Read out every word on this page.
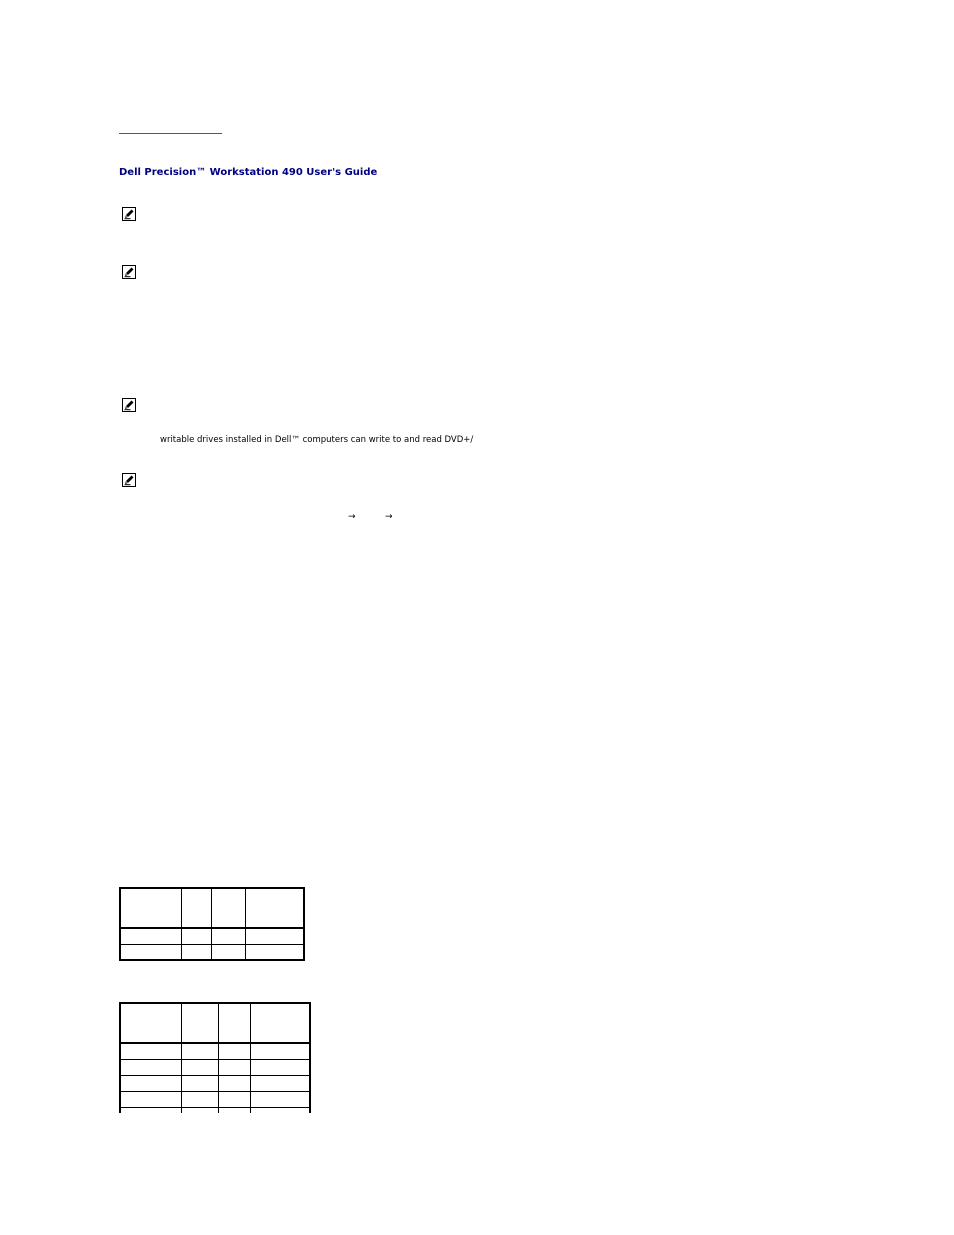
Dell Precision™ Workstation 490 User's Guide
writable drives installed in Dell™ computers can write to and read DVD+/
→	→
